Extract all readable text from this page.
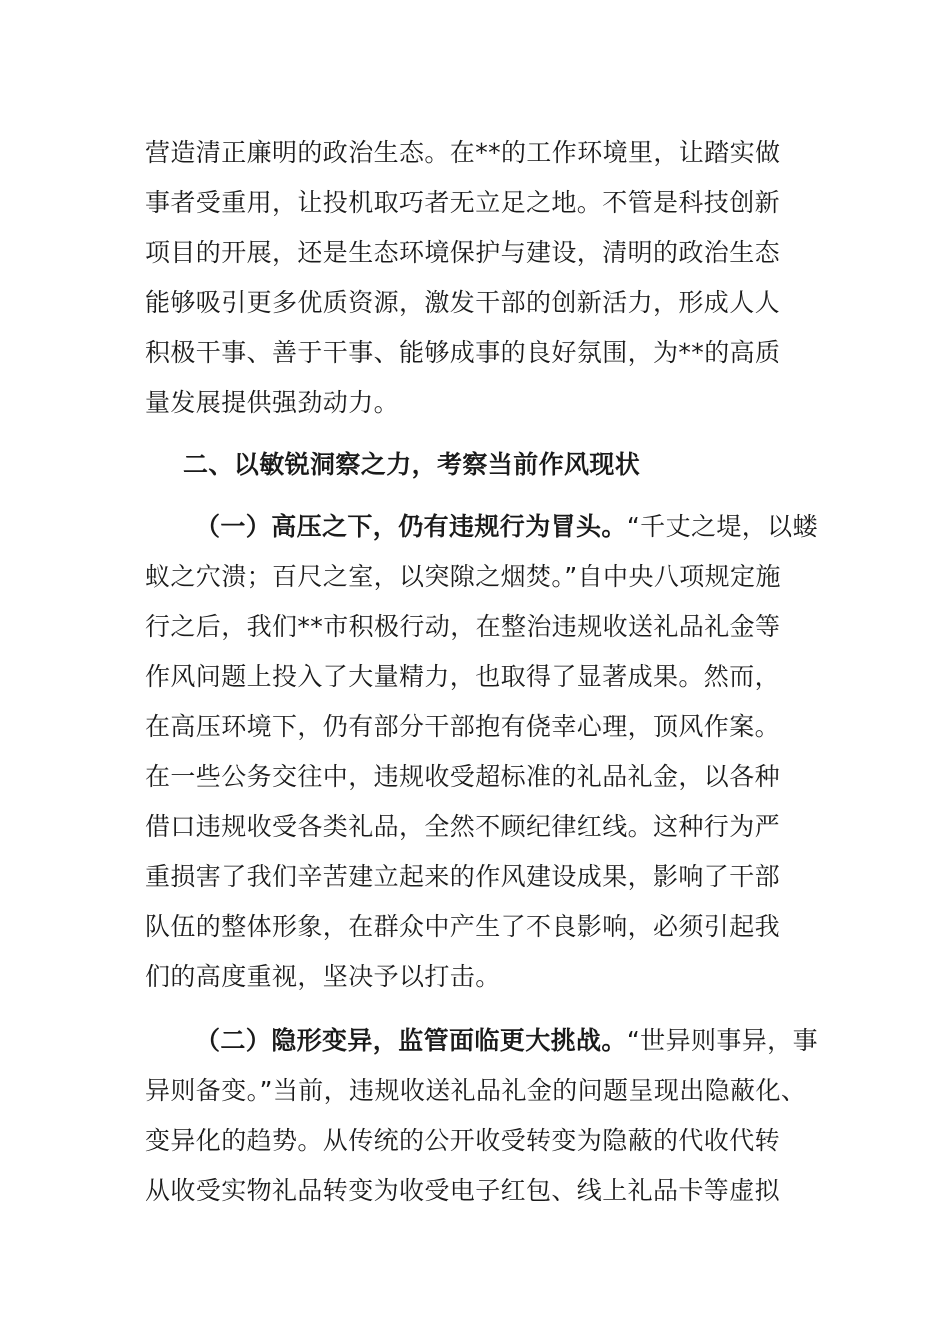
营造清正廉明的政治生态。在**的工作环境里，让踏实做
事者受重用，让投机取巧者无立足之地。不管是科技创新
项目的开展，还是生态环境保护与建设，清明的政治生态
能够吸引更多优质资源，激发干部的创新活力，形成人人
积极干事、善于干事、能够成事的良好氛围，为**的高质
量发展提供强劲动力。
二、以敏锐洞察之力，考察当前作风现状
（一）高压之下，仍有违规行为冒头。“千丈之堤，以蝼
蚁之穴溃；百尺之室，以突隙之烟焚。”自中央八项规定施
行之后，我们**市积极行动，在整治违规收送礼品礼金等
作风问题上投入了大量精力，也取得了显著成果。然而，
在高压环境下，仍有部分干部抱有侥幸心理，顶风作案。
在一些公务交往中，违规收受超标准的礼品礼金，以各种
借口违规收受各类礼品，全然不顾纪律红线。这种行为严
重损害了我们辛苦建立起来的作风建设成果，影响了干部
队伍的整体形象，在群众中产生了不良影响，必须引起我
们的高度重视，坚决予以打击。
（二）隐形变异，监管面临更大挑战。“世异则事异，事
异则备变。”当前，违规收送礼品礼金的问题呈现出隐蔽化、
变异化的趋势。从传统的公开收受转变为隐蔽的代收代转
从收受实物礼品转变为收受电子红包、线上礼品卡等虚拟
